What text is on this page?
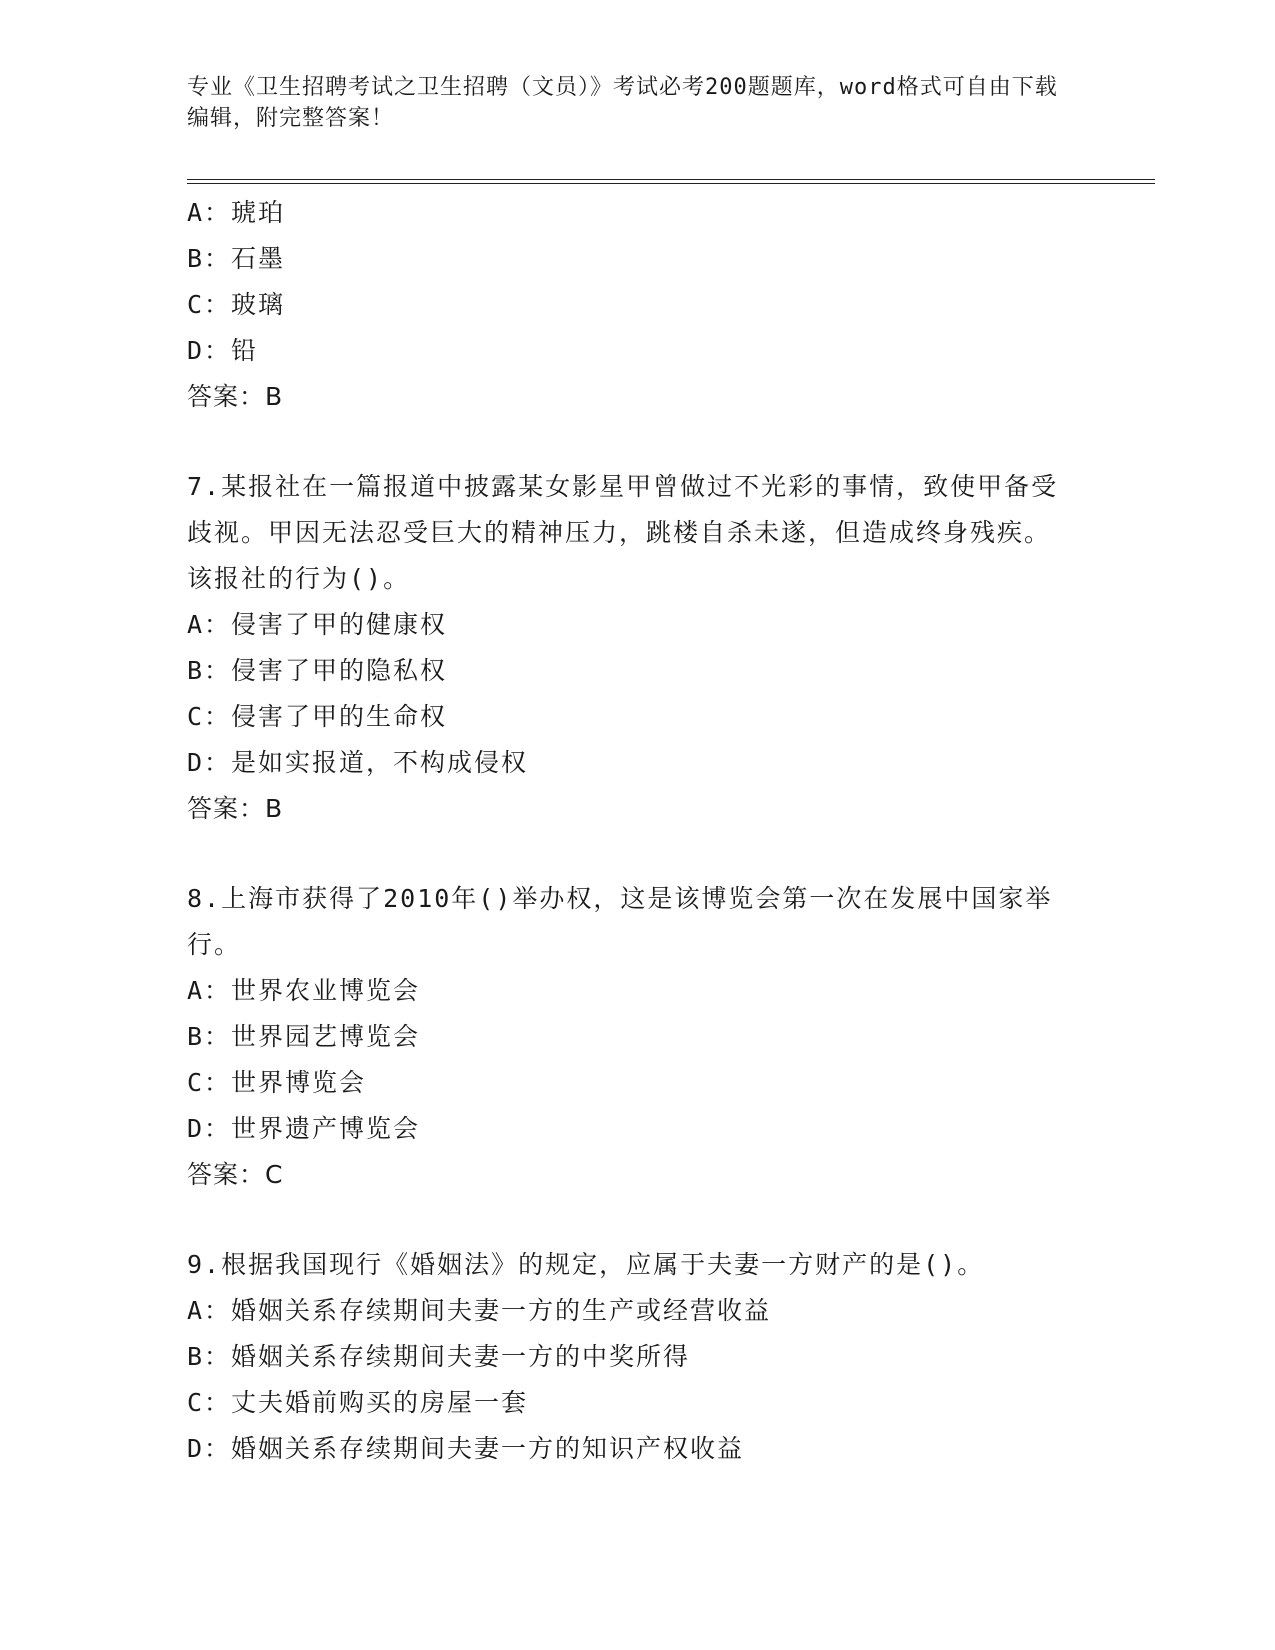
专业《卫生招聘考试之卫生招聘（文员）》考试必考200题题库，word格式可自由下载编辑，附完整答案！
A：琥珀
B：石墨
C：玻璃
D：铅
答案：B
7.某报社在一篇报道中披露某女影星甲曾做过不光彩的事情，致使甲备受歧视。甲因无法忍受巨大的精神压力，跳楼自杀未遂，但造成终身残疾。该报社的行为()。
A：侵害了甲的健康权
B：侵害了甲的隐私权
C：侵害了甲的生命权
D：是如实报道，不构成侵权
答案：B
8.上海市获得了2010年()举办权，这是该博览会第一次在发展中国家举行。
A：世界农业博览会
B：世界园艺博览会
C：世界博览会
D：世界遗产博览会
答案：C
9.根据我国现行《婚姻法》的规定，应属于夫妻一方财产的是()。
A：婚姻关系存续期间夫妻一方的生产或经营收益
B：婚姻关系存续期间夫妻一方的中奖所得
C：丈夫婚前购买的房屋一套
D：婚姻关系存续期间夫妻一方的知识产权收益
